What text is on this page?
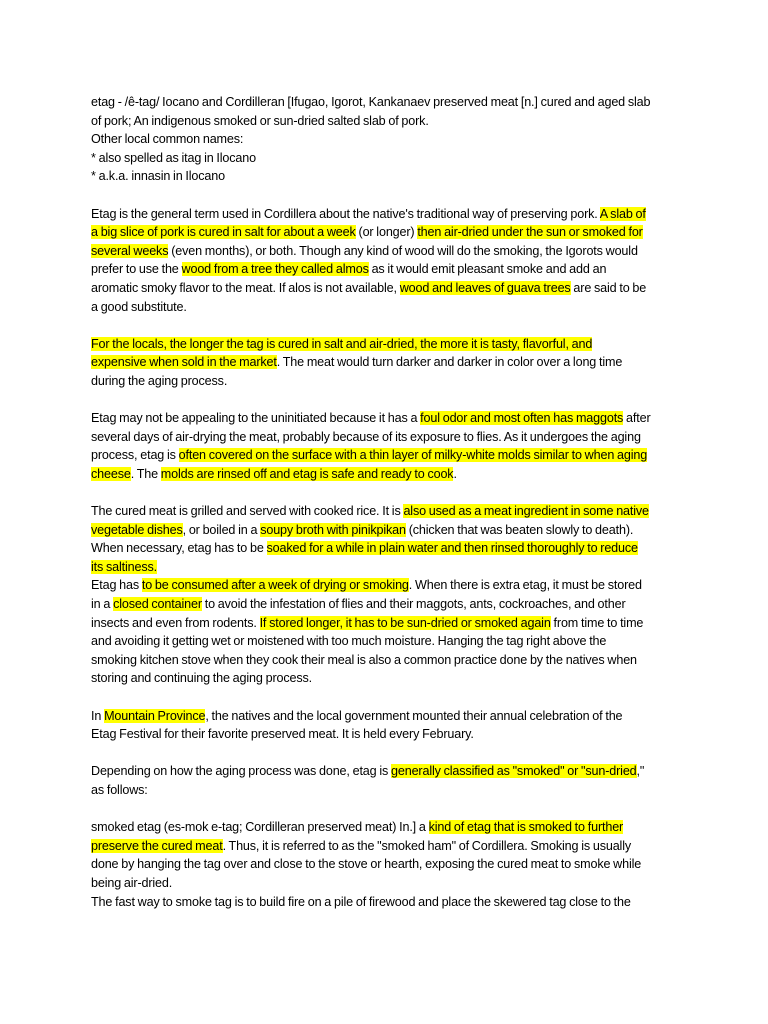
etag - /ê-tag/ Iocano and Cordilleran [Ifugao, Igorot, Kankanaev preserved meat [n.] cured and aged slab
of pork; An indigenous smoked or sun-dried salted slab of pork.
Other local common names:
* also spelled as itag in Ilocano
* a.k.a. innasin in Ilocano

Etag is the general term used in Cordillera about the native's traditional way of preserving pork. A slab of
a big slice of pork is cured in salt for about a week (or longer) then air-dried under the sun or smoked for
several weeks (even months), or both. Though any kind of wood will do the smoking, the Igorots would
prefer to use the wood from a tree they called almos as it would emit pleasant smoke and add an
aromatic smoky flavor to the meat. If alos is not available, wood and leaves of guava trees are said to be
a good substitute.

For the locals, the longer the tag is cured in salt and air-dried, the more it is tasty, flavorful, and
expensive when sold in the market. The meat would turn darker and darker in color over a long time
during the aging process.

Etag may not be appealing to the uninitiated because it has a foul odor and most often has maggots after
several days of air-drying the meat, probably because of its exposure to flies. As it undergoes the aging
process, etag is often covered on the surface with a thin layer of milky-white molds similar to when aging
cheese. The molds are rinsed off and etag is safe and ready to cook.

The cured meat is grilled and served with cooked rice. It is also used as a meat ingredient in some native
vegetable dishes, or boiled in a soupy broth with pinikpikan (chicken that was beaten slowly to death).
When necessary, etag has to be soaked for a while in plain water and then rinsed thoroughly to reduce
its saltiness.

Etag has to be consumed after a week of drying or smoking. When there is extra etag, it must be stored
in a closed container to avoid the infestation of flies and their maggots, ants, cockroaches, and other
insects and even from rodents. If stored longer, it has to be sun-dried or smoked again from time to time
and avoiding it getting wet or moistened with too much moisture. Hanging the tag right above the
smoking kitchen stove when they cook their meal is also a common practice done by the natives when
storing and continuing the aging process.

In Mountain Province, the natives and the local government mounted their annual celebration of the
Etag Festival for their favorite preserved meat. It is held every February.

Depending on how the aging process was done, etag is generally classified as "smoked" or "sun-dried,"
as follows:

smoked etag (es-mok e-tag; Cordilleran preserved meat) In.] a kind of etag that is smoked to further
preserve the cured meat. Thus, it is referred to as the "smoked ham" of Cordillera. Smoking is usually
done by hanging the tag over and close to the stove or hearth, exposing the cured meat to smoke while
being air-dried.

The fast way to smoke tag is to build fire on a pile of firewood and place the skewered tag close to the
